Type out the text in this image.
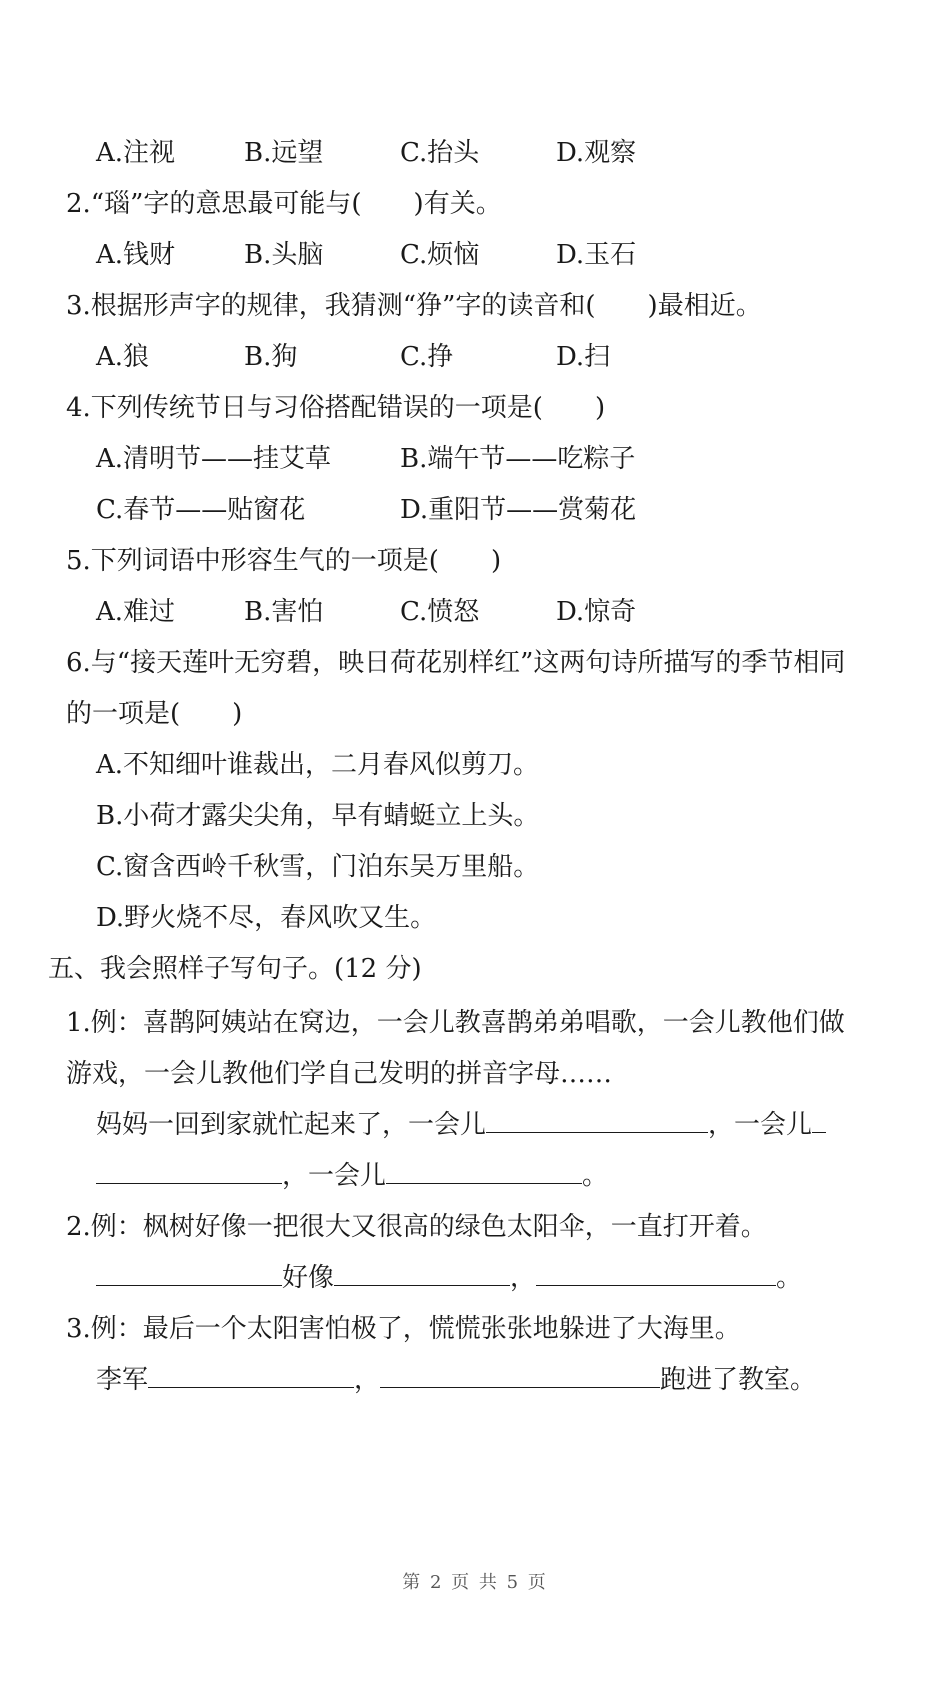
A.注视	B.远望	C.抬头	D.观察
2.“瑙”字的意思最可能与( )有关。
A.钱财	B.头脑	C.烦恼	D.玉石
3.根据形声字的规律，我猜测“狰”字的读音和( )最相近。
A.狼	B.狗	C.挣	D.扫
4.下列传统节日与习俗搭配错误的一项是( )
A.清明节——挂艾草	B.端午节——吃粽子
C.春节——贴窗花	D.重阳节——赏菊花
5.下列词语中形容生气的一项是( )
A.难过	B.害怕	C.愤怒	D.惊奇
6.与“接天莲叶无穷碧，映日荷花别样红”这两句诗所描写的季节相同
的一项是( )
A.不知细叶谁裁出，二月春风似剪刀。
B.小荷才露尖尖角，早有蜻蜓立上头。
C.窗含西岭千秋雪，门泊东吴万里船。
D.野火烧不尽，春风吹又生。
五、我会照样子写句子。(12 分)
1.例：喜鹊阿姨站在窝边，一会儿教喜鹊弟弟唱歌，一会儿教他们做
游戏，一会儿教他们学自己发明的拼音字母……
妈妈一回到家就忙起来了，一会儿	，一会儿
，一会儿	。
2.例：枫树好像一把很大又很高的绿色太阳伞，一直打开着。
好像	，	。
3.例：最后一个太阳害怕极了，慌慌张张地躲进了大海里。
李军	，	跑进了教室。
第 2 页 共 5 页
